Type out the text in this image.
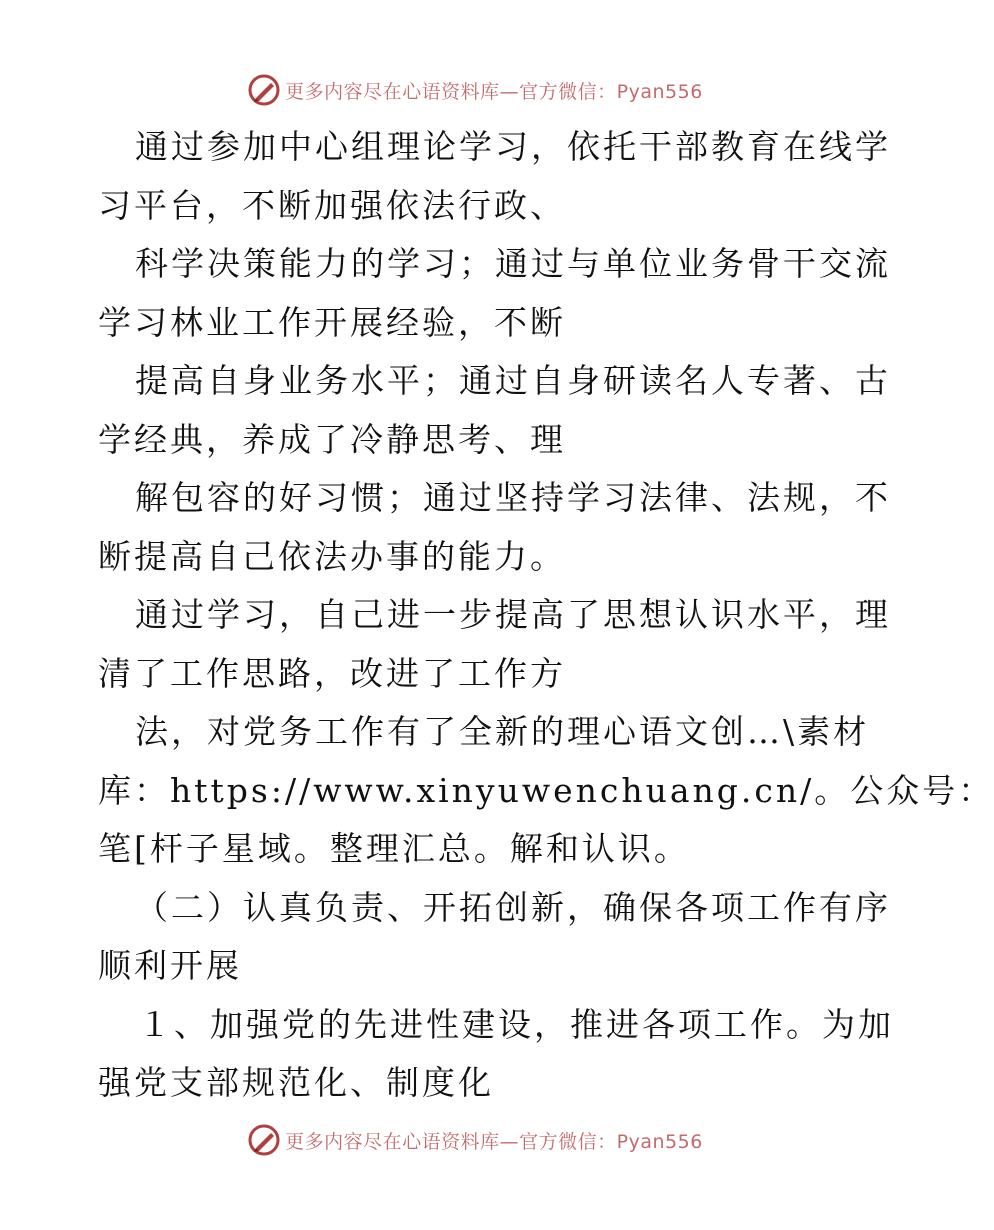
更多内容尽在心语资料库—官方微信：Pyan556
通过参加中心组理论学习，依托干部教育在线学
习平台，不断加强依法行政、
科学决策能力的学习；通过与单位业务骨干交流
学习林业工作开展经验，不断
提高自身业务水平；通过自身研读名人专著、古
学经典，养成了冷静思考、理
解包容的好习惯；通过坚持学习法律、法规，不
断提高自己依法办事的能力。
通过学习，自己进一步提高了思想认识水平，理
清了工作思路，改进了工作方
法，对党务工作有了全新的理心语文创…\素材
库：https://www.xinyuwenchuang.cn/。公众号：
笔[杆子星域。整理汇总。解和认识。
（二）认真负责、开拓创新，确保各项工作有序
顺利开展
１、加强党的先进性建设，推进各项工作。为加
强党支部规范化、制度化
更多内容尽在心语资料库—官方微信：Pyan556
